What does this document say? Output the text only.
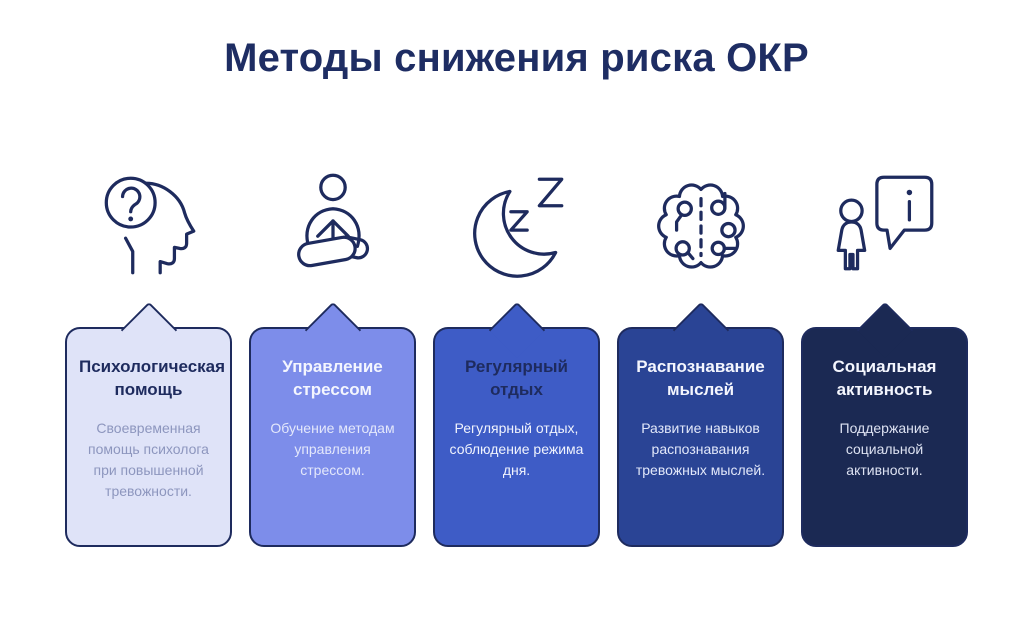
Методы снижения риска ОКР
Психологическая помощь
Своевременная помощь психолога при повышенной тревожности.
Управление стрессом
Обучение методам управления стрессом.
Регулярный отдых
Регулярный отдых, соблюдение режима дня.
Распознавание мыслей
Развитие навыков распознавания тревожных мыслей.
Социальная активность
Поддержание социальной активности.
